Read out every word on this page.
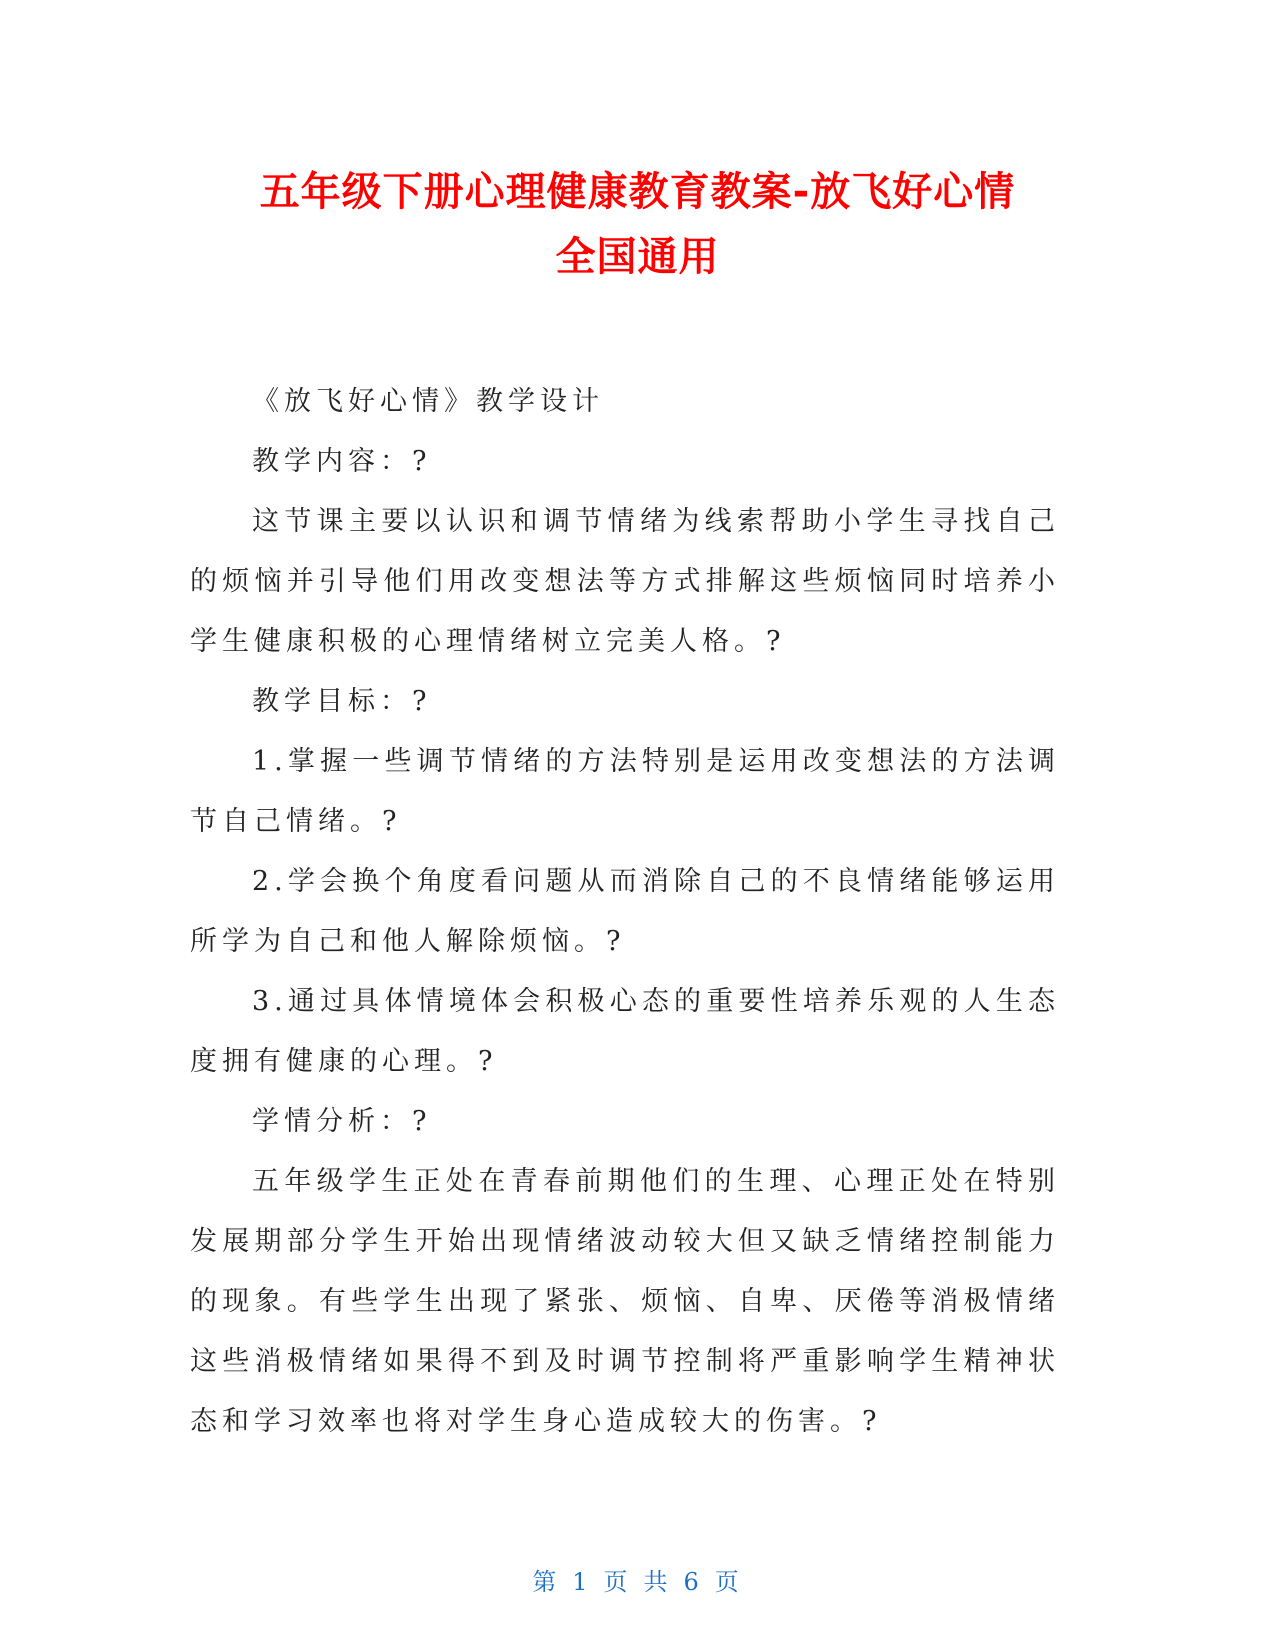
五年级下册心理健康教育教案-放飞好心情
全国通用

《放飞好心情》教学设计

教学内容：?

这节课主要以认识和调节情绪为线索帮助小学生寻找自己的烦恼并引导他们用改变想法等方式排解这些烦恼同时培养小学生健康积极的心理情绪树立完美人格。?

教学目标：?

1.掌握一些调节情绪的方法特别是运用改变想法的方法调节自己情绪。?

2.学会换个角度看问题从而消除自己的不良情绪能够运用所学为自己和他人解除烦恼。?

3.通过具体情境体会积极心态的重要性培养乐观的人生态度拥有健康的心理。?

学情分析：?

五年级学生正处在青春前期他们的生理、心理正处在特别发展期部分学生开始出现情绪波动较大但又缺乏情绪控制能力的现象。有些学生出现了紧张、烦恼、自卑、厌倦等消极情绪这些消极情绪如果得不到及时调节控制将严重影响学生精神状态和学习效率也将对学生身心造成较大的伤害。?

第 1 页 共 6 页
